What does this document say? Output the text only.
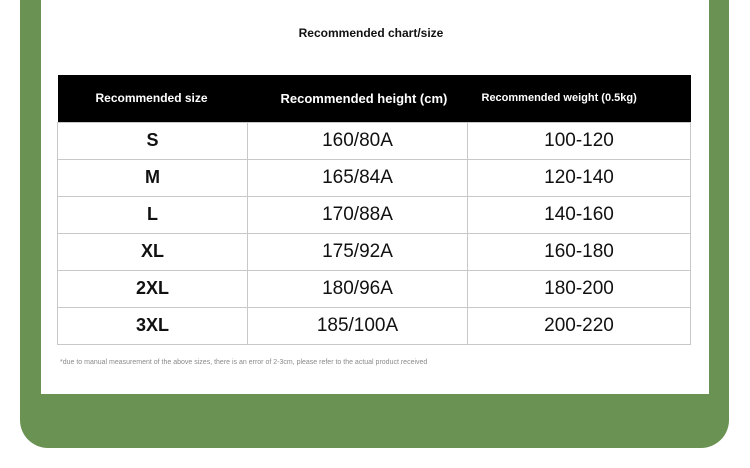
Recommended chart/size
Recommended size	Recommended height (cm)	Recommended weight (0.5kg)
S	160/80A	100-120
M	165/84A	120-140
L	170/88A	140-160
XL	175/92A	160-180
2XL	180/96A	180-200
3XL	185/100A	200-220
*due to manual measurement of the above sizes, there is an error of 2-3cm, please refer to the actual product received
